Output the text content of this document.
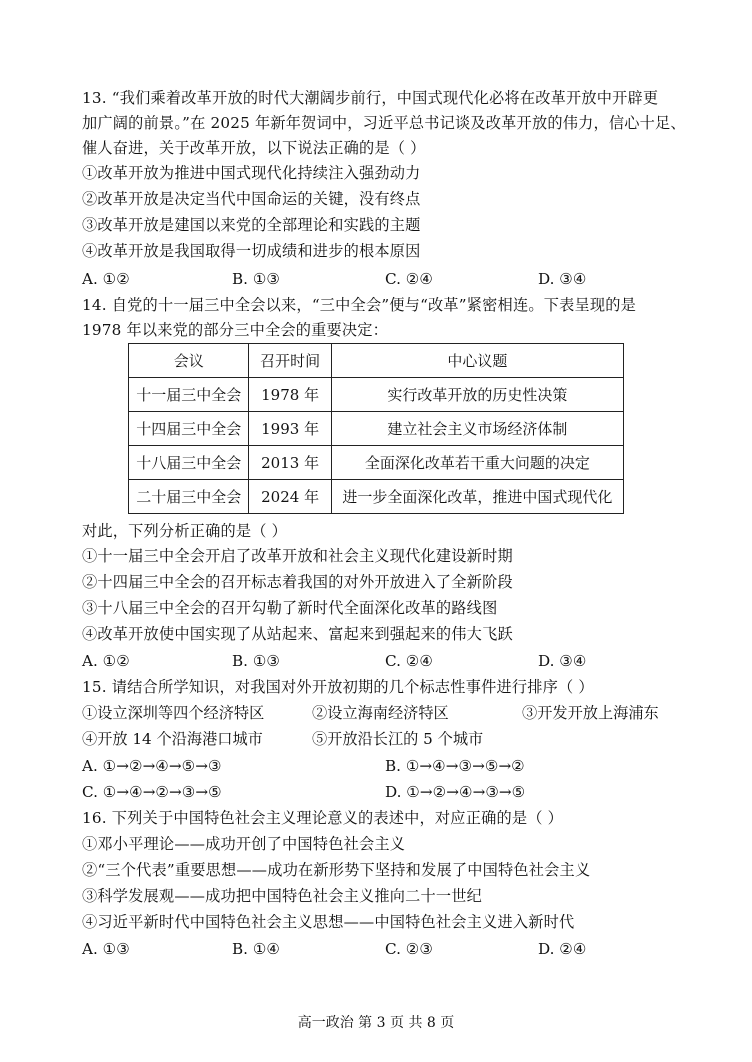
13. “我们乘着改革开放的时代大潮阔步前行，中国式现代化必将在改革开放中开辟更
加广阔的前景。”在 2025 年新年贺词中，习近平总书记谈及改革开放的伟力，信心十足、
催人奋进，关于改革开放，以下说法正确的是（ ）
①改革开放为推进中国式现代化持续注入强劲动力
②改革开放是决定当代中国命运的关键，没有终点
③改革开放是建国以来党的全部理论和实践的主题
④改革开放是我国取得一切成绩和进步的根本原因
A. ①②	B. ①③	C. ②④	D. ③④
14. 自党的十一届三中全会以来，“三中全会”便与“改革”紧密相连。下表呈现的是
1978 年以来党的部分三中全会的重要决定：
会议	召开时间	中心议题
十一届三中全会	1978 年	实行改革开放的历史性决策
十四届三中全会	1993 年	建立社会主义市场经济体制
十八届三中全会	2013 年	全面深化改革若干重大问题的决定
二十届三中全会	2024 年	进一步全面深化改革，推进中国式现代化
对此，下列分析正确的是（ ）
①十一届三中全会开启了改革开放和社会主义现代化建设新时期
②十四届三中全会的召开标志着我国的对外开放进入了全新阶段
③十八届三中全会的召开勾勒了新时代全面深化改革的路线图
④改革开放使中国实现了从站起来、富起来到强起来的伟大飞跃
A. ①②	B. ①③	C. ②④	D. ③④
15. 请结合所学知识，对我国对外开放初期的几个标志性事件进行排序（ ）
①设立深圳等四个经济特区	②设立海南经济特区	③开发开放上海浦东
④开放 14 个沿海港口城市	⑤开放沿长江的 5 个城市
A. ①→②→④→⑤→③	B. ①→④→③→⑤→②
C. ①→④→②→③→⑤	D. ①→②→④→③→⑤
16. 下列关于中国特色社会主义理论意义的表述中，对应正确的是（ ）
①邓小平理论——成功开创了中国特色社会主义
②“三个代表”重要思想——成功在新形势下坚持和发展了中国特色社会主义
③科学发展观——成功把中国特色社会主义推向二十一世纪
④习近平新时代中国特色社会主义思想——中国特色社会主义进入新时代
A. ①③	B. ①④	C. ②③	D. ②④
高一政治 第 3 页 共 8 页
